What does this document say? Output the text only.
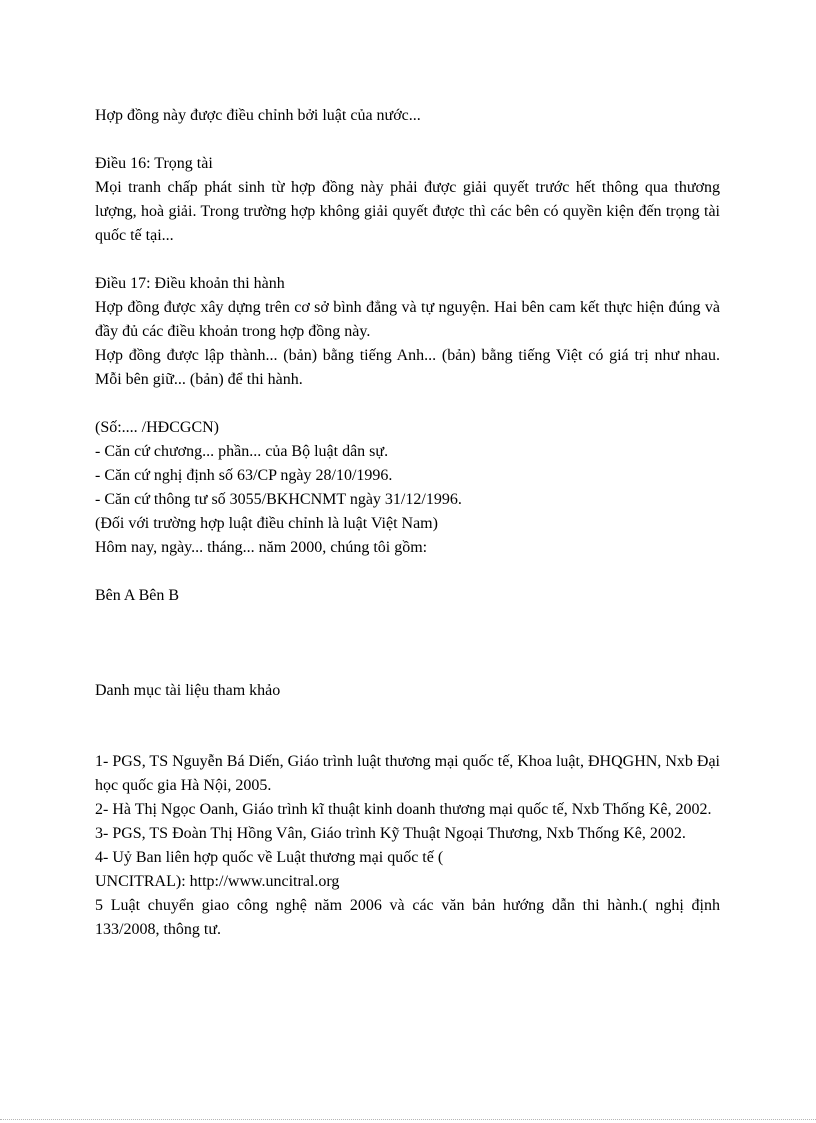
Hợp đồng này được điều chỉnh bởi luật của nước...

Điều 16: Trọng tài

Mọi tranh chấp phát sinh từ hợp đồng này phải được giải quyết trước hết thông qua thương lượng, hoà giải. Trong trường hợp không giải quyết được thì các bên có quyền kiện đến trọng tài quốc tế tại...

Điều 17: Điều khoản thi hành

Hợp đồng được xây dựng trên cơ sở bình đẳng và tự nguyện. Hai bên cam kết thực hiện đúng và đầy đủ các điều khoản trong hợp đồng này.

Hợp đồng được lập thành... (bản) bằng tiếng Anh... (bản) bằng tiếng Việt có giá trị như nhau. Mỗi bên giữ... (bản) để thi hành.

(Số:.... /HĐCGCN)

- Căn cứ chương... phần... của Bộ luật dân sự.

- Căn cứ nghị định số 63/CP ngày 28/10/1996.

- Căn cứ thông tư số 3055/BKHCNMT ngày 31/12/1996.

(Đối với trường hợp luật điều chỉnh là luật Việt Nam)

Hôm nay, ngày... tháng... năm 2000, chúng tôi gồm:

Bên A Bên B

Danh mục tài liệu tham khảo

1- PGS, TS Nguyễn Bá Diến, Giáo trình luật thương mại quốc tế, Khoa luật, ĐHQGHN, Nxb Đại học quốc gia Hà Nội, 2005.

2- Hà Thị Ngọc Oanh, Giáo trình kĩ thuật kinh doanh thương mại quốc tế, Nxb Thống Kê, 2002.

3- PGS, TS Đoàn Thị Hồng Vân, Giáo trình Kỹ Thuật Ngoại Thương, Nxb Thống Kê, 2002.

4- Uỷ Ban liên hợp quốc về Luật thương mại quốc tế (

UNCITRAL): http://www.uncitral.org

5 Luật chuyển giao công nghệ năm 2006 và các văn bản hướng dẫn thi hành.( nghị định 133/2008, thông tư.
